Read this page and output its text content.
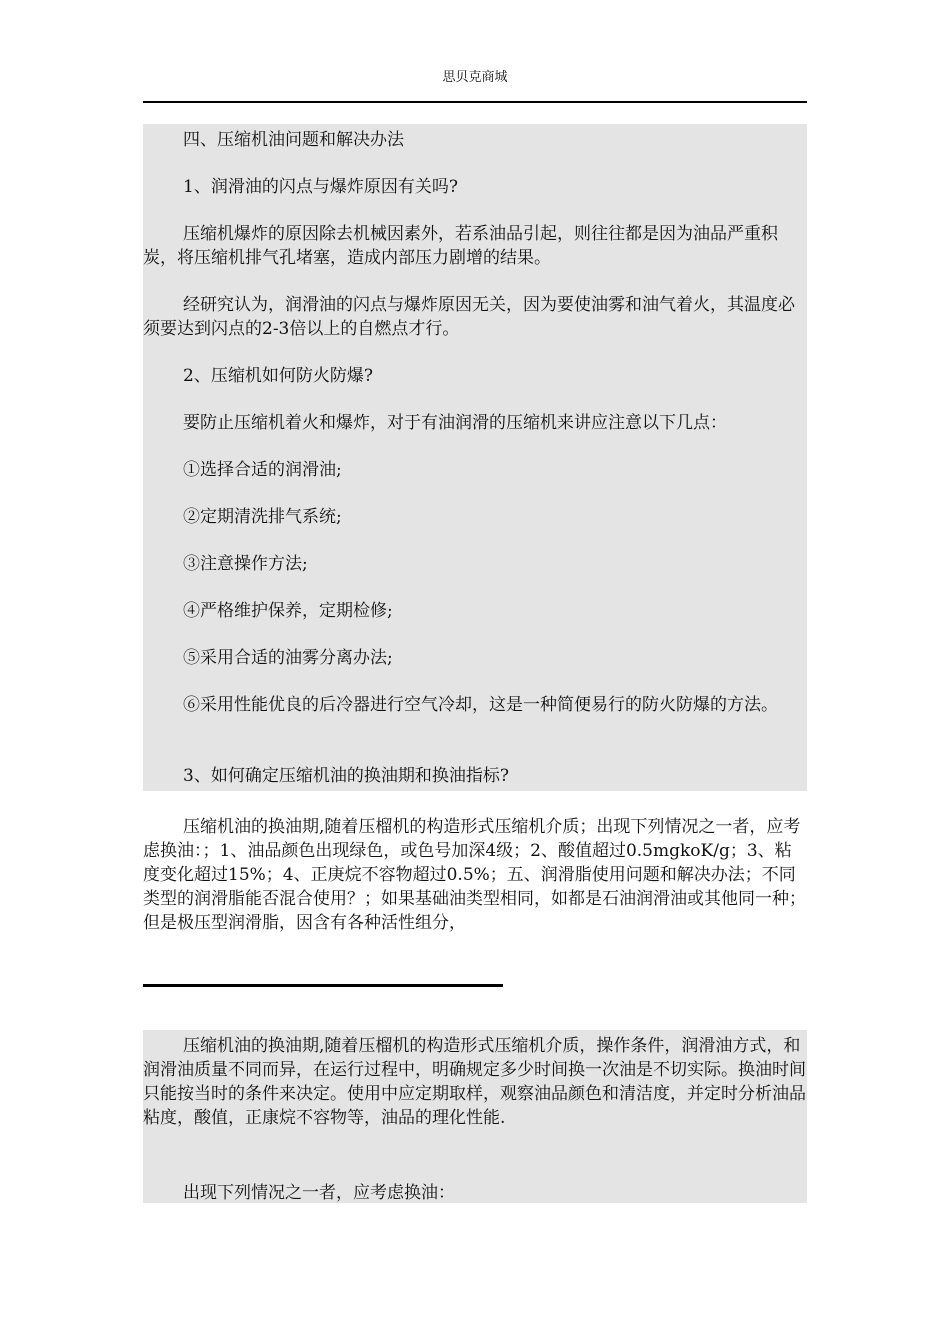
思贝克商城

四、压缩机油问题和解决办法

1、润滑油的闪点与爆炸原因有关吗?

压缩机爆炸的原因除去机械因素外，若系油品引起，则往往都是因为油品严重积炭，将压缩机排气孔堵塞，造成内部压力剧增的结果。

经研究认为，润滑油的闪点与爆炸原因无关，因为要使油雾和油气着火，其温度必须要达到闪点的2-3倍以上的自燃点才行。

2、压缩机如何防火防爆?

要防止压缩机着火和爆炸，对于有油润滑的压缩机来讲应注意以下几点：

①选择合适的润滑油;

②定期清洗排气系统;

③注意操作方法;

④严格维护保养，定期检修;

⑤采用合适的油雾分离办法;

⑥采用性能优良的后冷器进行空气冷却，这是一种简便易行的防火防爆的方法。

3、如何确定压缩机油的换油期和换油指标?

压缩机油的换油期,随着压榴机的构造形式压缩机介质；出现下列情况之一者，应考虑换油：；1、油品颜色出现绿色，或色号加深4级；2、酸值超过0.5mgkoK/g；3、粘度变化超过15%；4、正庚烷不容物超过0.5%；五、润滑脂使用问题和解决办法；不同类型的润滑脂能否混合使用？；如果基础油类型相同，如都是石油润滑油或其他同一种；但是极压型润滑脂，因含有各种活性组分，

压缩机油的换油期,随着压榴机的构造形式压缩机介质，操作条件，润滑油方式，和润滑油质量不同而异，在运行过程中，明确规定多少时间换一次油是不切实际。换油时间只能按当时的条件来决定。使用中应定期取样，观察油品颜色和清洁度，并定时分析油品粘度，酸值，正康烷不容物等，油品的理化性能.

出现下列情况之一者，应考虑换油：
